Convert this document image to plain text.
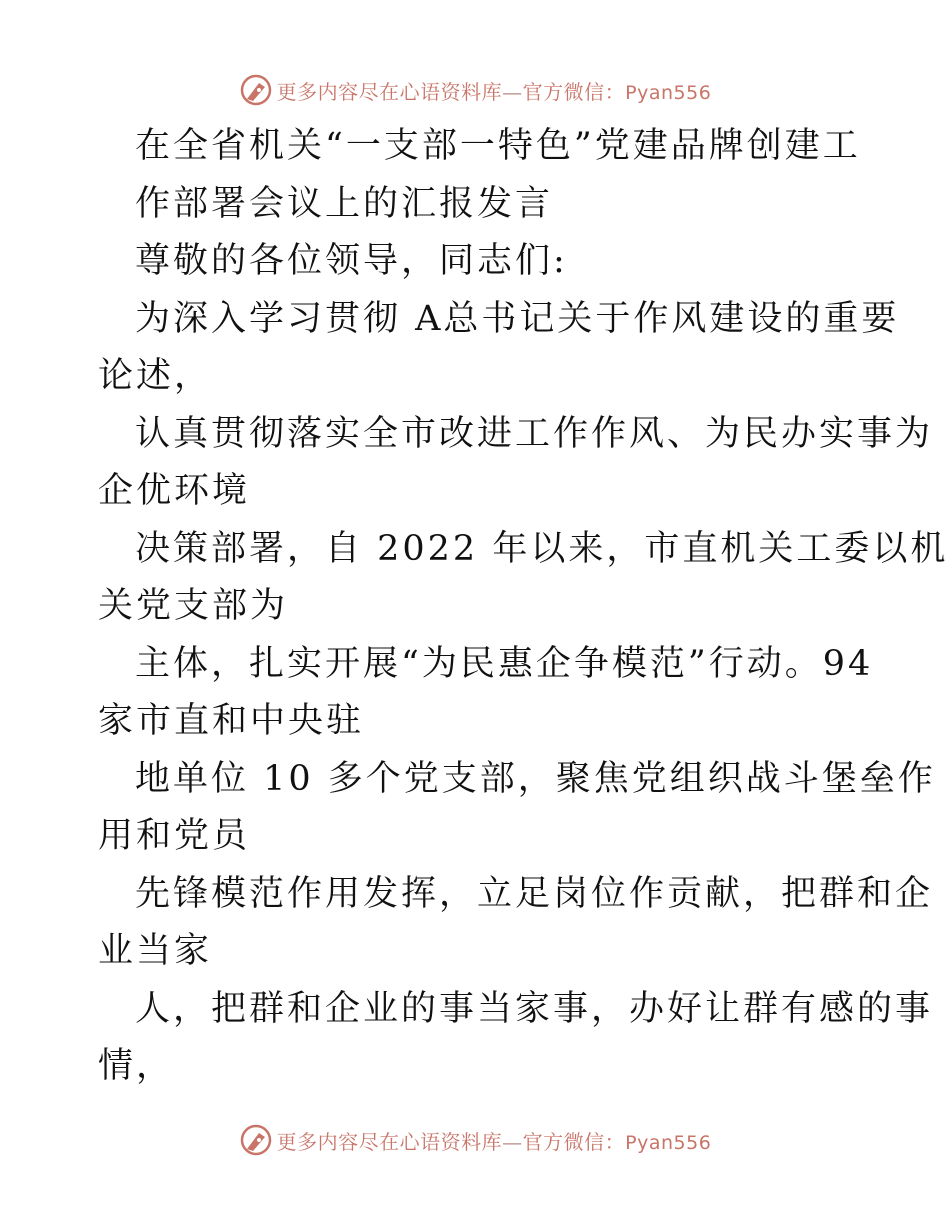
更多内容尽在心语资料库—官方微信：Pyan556
在全省机关“一支部一特色”党建品牌创建工
作部署会议上的汇报发言
尊敬的各位领导，同志们:
为深入学习贯彻 A总书记关于作风建设的重要
论述，
认真贯彻落实全市改进工作作风、为民办实事为
企优环境
决策部署，自 2022 年以来，市直机关工委以机
关党支部为
主体，扎实开展“为民惠企争模范”行动。94
家市直和中央驻
地单位 10 多个党支部，聚焦党组织战斗堡垒作
用和党员
先锋模范作用发挥，立足岗位作贡献，把群和企
业当家
人，把群和企业的事当家事，办好让群有感的事
情，
更多内容尽在心语资料库—官方微信：Pyan556
